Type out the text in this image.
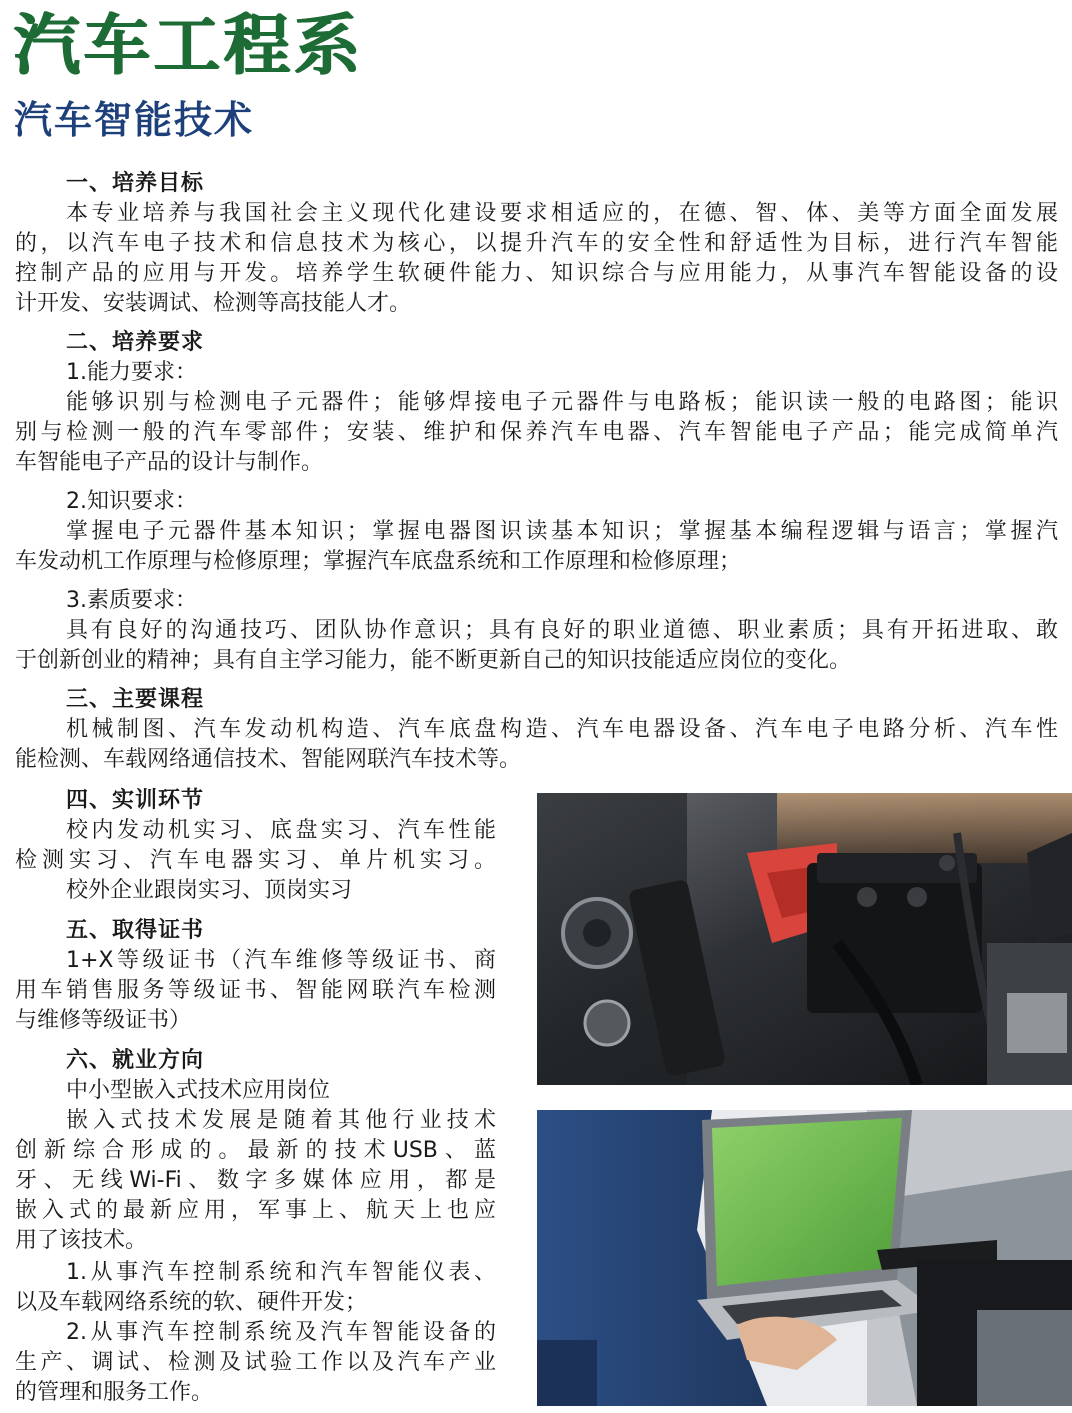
汽车工程系
汽车智能技术

一、培养目标

本专业培养与我国社会主义现代化建设要求相适应的，在德、智、体、美等方面全面发展

的，以汽车电子技术和信息技术为核心，以提升汽车的安全性和舒适性为目标，进行汽车智能

控制产品的应用与开发。培养学生软硬件能力、知识综合与应用能力，从事汽车智能设备的设

计开发、安装调试、检测等高技能人才。

二、培养要求

1.能力要求：

能够识别与检测电子元器件；能够焊接电子元器件与电路板；能识读一般的电路图；能识

别与检测一般的汽车零部件；安装、维护和保养汽车电器、汽车智能电子产品；能完成简单汽

车智能电子产品的设计与制作。

2.知识要求：

掌握电子元器件基本知识；掌握电器图识读基本知识；掌握基本编程逻辑与语言；掌握汽

车发动机工作原理与检修原理；掌握汽车底盘系统和工作原理和检修原理；

3.素质要求：

具有良好的沟通技巧、团队协作意识；具有良好的职业道德、职业素质；具有开拓进取、敢

于创新创业的精神；具有自主学习能力，能不断更新自己的知识技能适应岗位的变化。

三、主要课程

机械制图、汽车发动机构造、汽车底盘构造、汽车电器设备、汽车电子电路分析、汽车性

能检测、车载网络通信技术、智能网联汽车技术等。

四、实训环节

校内发动机实习、底盘实习、汽车性能

检测实习、汽车电器实习、单片机实习。

校外企业跟岗实习、顶岗实习

五、取得证书

1+X等级证书（汽车维修等级证书、商

用车销售服务等级证书、智能网联汽车检测

与维修等级证书）

六、就业方向

中小型嵌入式技术应用岗位

嵌入式技术发展是随着其他行业技术

创新综合形成的。最新的技术USB、蓝

牙、无线Wi-Fi、数字多媒体应用，都是

嵌入式的最新应用，军事上、航天上也应

用了该技术。

1.从事汽车控制系统和汽车智能仪表、

以及车载网络系统的软、硬件开发；

2.从事汽车控制系统及汽车智能设备的

生产、调试、检测及试验工作以及汽车产业

的管理和服务工作。
